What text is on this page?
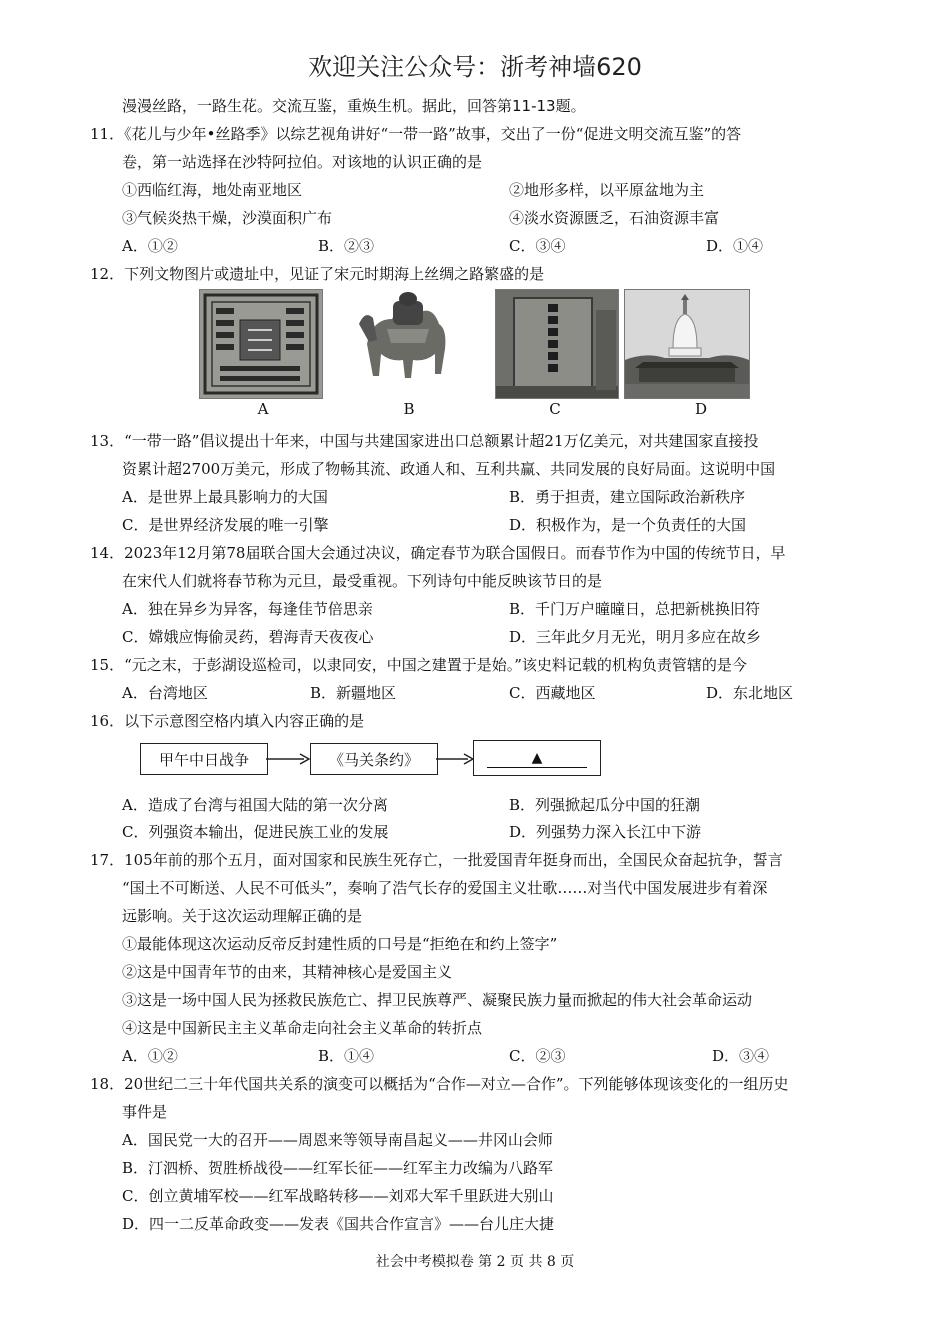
欢迎关注公众号：浙考神墙620
漫漫丝路，一路生花。交流互鉴，重焕生机。据此，回答第11-13题。
11．《花儿与少年•丝路季》以综艺视角讲好“一带一路”故事，交出了一份“促进文明交流互鉴”的答
卷，第一站选择在沙特阿拉伯。对该地的认识正确的是
①西临红海，地处南亚地区	②地形多样，以平原盆地为主
③气候炎热干燥，沙漠面积广布	④淡水资源匮乏，石油资源丰富
A．①②	B．②③	C．③④	D．①④
12．下列文物图片或遗址中，见证了宋元时期海上丝绸之路繁盛的是
A	B	C	D
13．“一带一路”倡议提出十年来，中国与共建国家进出口总额累计超21万亿美元，对共建国家直接投
资累计超2700万美元，形成了物畅其流、政通人和、互利共赢、共同发展的良好局面。这说明中国
A．是世界上最具影响力的大国	B．勇于担责，建立国际政治新秩序
C．是世界经济发展的唯一引擎	D．积极作为，是一个负责任的大国
14．2023年12月第78届联合国大会通过决议，确定春节为联合国假日。而春节作为中国的传统节日，早
在宋代人们就将春节称为元旦，最受重视。下列诗句中能反映该节日的是
A．独在异乡为异客，每逢佳节倍思亲	B．千门万户曈曈日，总把新桃换旧符
C．嫦娥应悔偷灵药，碧海青天夜夜心	D．三年此夕月无光，明月多应在故乡
15．“元之末，于彭湖设巡检司，以隶同安，中国之建置于是始。”该史料记载的机构负责管辖的是今
A．台湾地区	B．新疆地区	C．西藏地区	D．东北地区
16．以下示意图空格内填入内容正确的是
甲午中日战争	《马关条约》	▲
A．造成了台湾与祖国大陆的第一次分离	B．列强掀起瓜分中国的狂潮
C．列强资本输出，促进民族工业的发展	D．列强势力深入长江中下游
17．105年前的那个五月，面对国家和民族生死存亡，一批爱国青年挺身而出，全国民众奋起抗争，誓言
“国土不可断送、人民不可低头”，奏响了浩气长存的爱国主义壮歌……对当代中国发展进步有着深
远影响。关于这次运动理解正确的是
①最能体现这次运动反帝反封建性质的口号是“拒绝在和约上签字”
②这是中国青年节的由来，其精神核心是爱国主义
③这是一场中国人民为拯救民族危亡、捍卫民族尊严、凝聚民族力量而掀起的伟大社会革命运动
④这是中国新民主主义革命走向社会主义革命的转折点
A．①②	B．①④	C．②③	D．③④
18．20世纪二三十年代国共关系的演变可以概括为“合作—对立—合作”。下列能够体现该变化的一组历史
事件是
A．国民党一大的召开——周恩来等领导南昌起义——井冈山会师
B．汀泗桥、贺胜桥战役——红军长征——红军主力改编为八路军
C．创立黄埔军校——红军战略转移——刘邓大军千里跃进大别山
D．四一二反革命政变——发表《国共合作宣言》——台儿庄大捷
社会中考模拟卷 第 2 页 共 8 页
